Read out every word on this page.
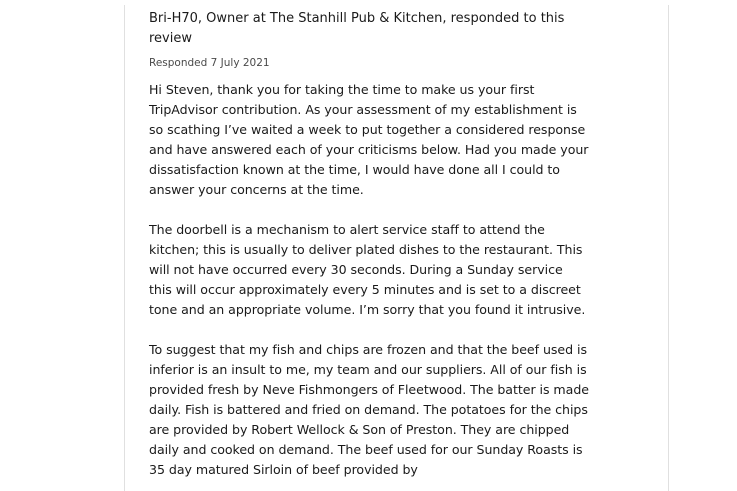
Bri-H70, Owner at The Stanhill Pub & Kitchen, responded to this review

Responded 7 July 2021

Hi Steven, thank you for taking the time to make us your first TripAdvisor contribution. As your assessment of my establishment is so scathing I’ve waited a week to put together a considered response and have answered each of your criticisms below. Had you made your dissatisfaction known at the time, I would have done all I could to answer your concerns at the time.

The doorbell is a mechanism to alert service staff to attend the kitchen; this is usually to deliver plated dishes to the restaurant. This will not have occurred every 30 seconds. During a Sunday service this will occur approximately every 5 minutes and is set to a discreet tone and an appropriate volume. I’m sorry that you found it intrusive.

To suggest that my fish and chips are frozen and that the beef used is inferior is an insult to me, my team and our suppliers. All of our fish is provided fresh by Neve Fishmongers of Fleetwood. The batter is made daily. Fish is battered and fried on demand. The potatoes for the chips are provided by Robert Wellock & Son of Preston. They are chipped daily and cooked on demand. The beef used for our Sunday Roasts is 35 day matured Sirloin of beef provided by
